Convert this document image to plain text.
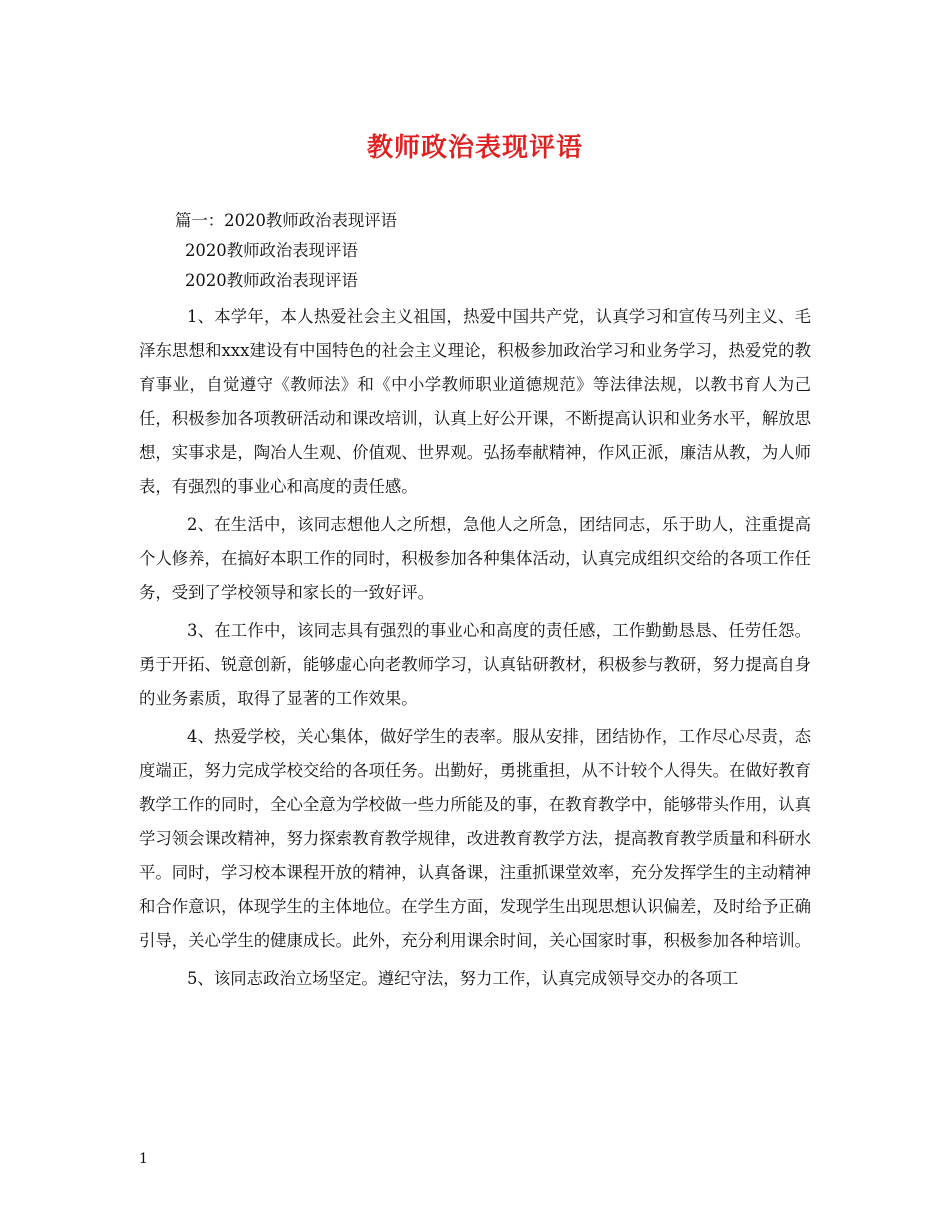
教师政治表现评语

篇一：2020教师政治表现评语

2020教师政治表现评语

2020教师政治表现评语

1、本学年，本人热爱社会主义祖国，热爱中国共产党，认真学习和宣传马列主义、毛泽东思想和xxx建设有中国特色的社会主义理论，积极参加政治学习和业务学习，热爱党的教育事业，自觉遵守《教师法》和《中小学教师职业道德规范》等法律法规，以教书育人为己任，积极参加各项教研活动和课改培训，认真上好公开课，不断提高认识和业务水平，解放思想，实事求是，陶冶人生观、价值观、世界观。弘扬奉献精神，作风正派，廉洁从教，为人师表，有强烈的事业心和高度的责任感。

2、在生活中，该同志想他人之所想，急他人之所急，团结同志，乐于助人，注重提高个人修养，在搞好本职工作的同时，积极参加各种集体活动，认真完成组织交给的各项工作任务，受到了学校领导和家长的一致好评。

3、在工作中，该同志具有强烈的事业心和高度的责任感，工作勤勤恳恳、任劳任怨。勇于开拓、锐意创新，能够虚心向老教师学习，认真钻研教材，积极参与教研，努力提高自身的业务素质，取得了显著的工作效果。

4、热爱学校，关心集体，做好学生的表率。服从安排，团结协作，工作尽心尽责，态度端正，努力完成学校交给的各项任务。出勤好，勇挑重担，从不计较个人得失。在做好教育教学工作的同时，全心全意为学校做一些力所能及的事，在教育教学中，能够带头作用，认真学习领会课改精神，努力探索教育教学规律，改进教育教学方法，提高教育教学质量和科研水平。同时，学习校本课程开放的精神，认真备课，注重抓课堂效率，充分发挥学生的主动精神和合作意识，体现学生的主体地位。在学生方面，发现学生出现思想认识偏差，及时给予正确引导，关心学生的健康成长。此外，充分利用课余时间，关心国家时事，积极参加各种培训。

5、该同志政治立场坚定。遵纪守法，努力工作，认真完成领导交办的各项工

1
